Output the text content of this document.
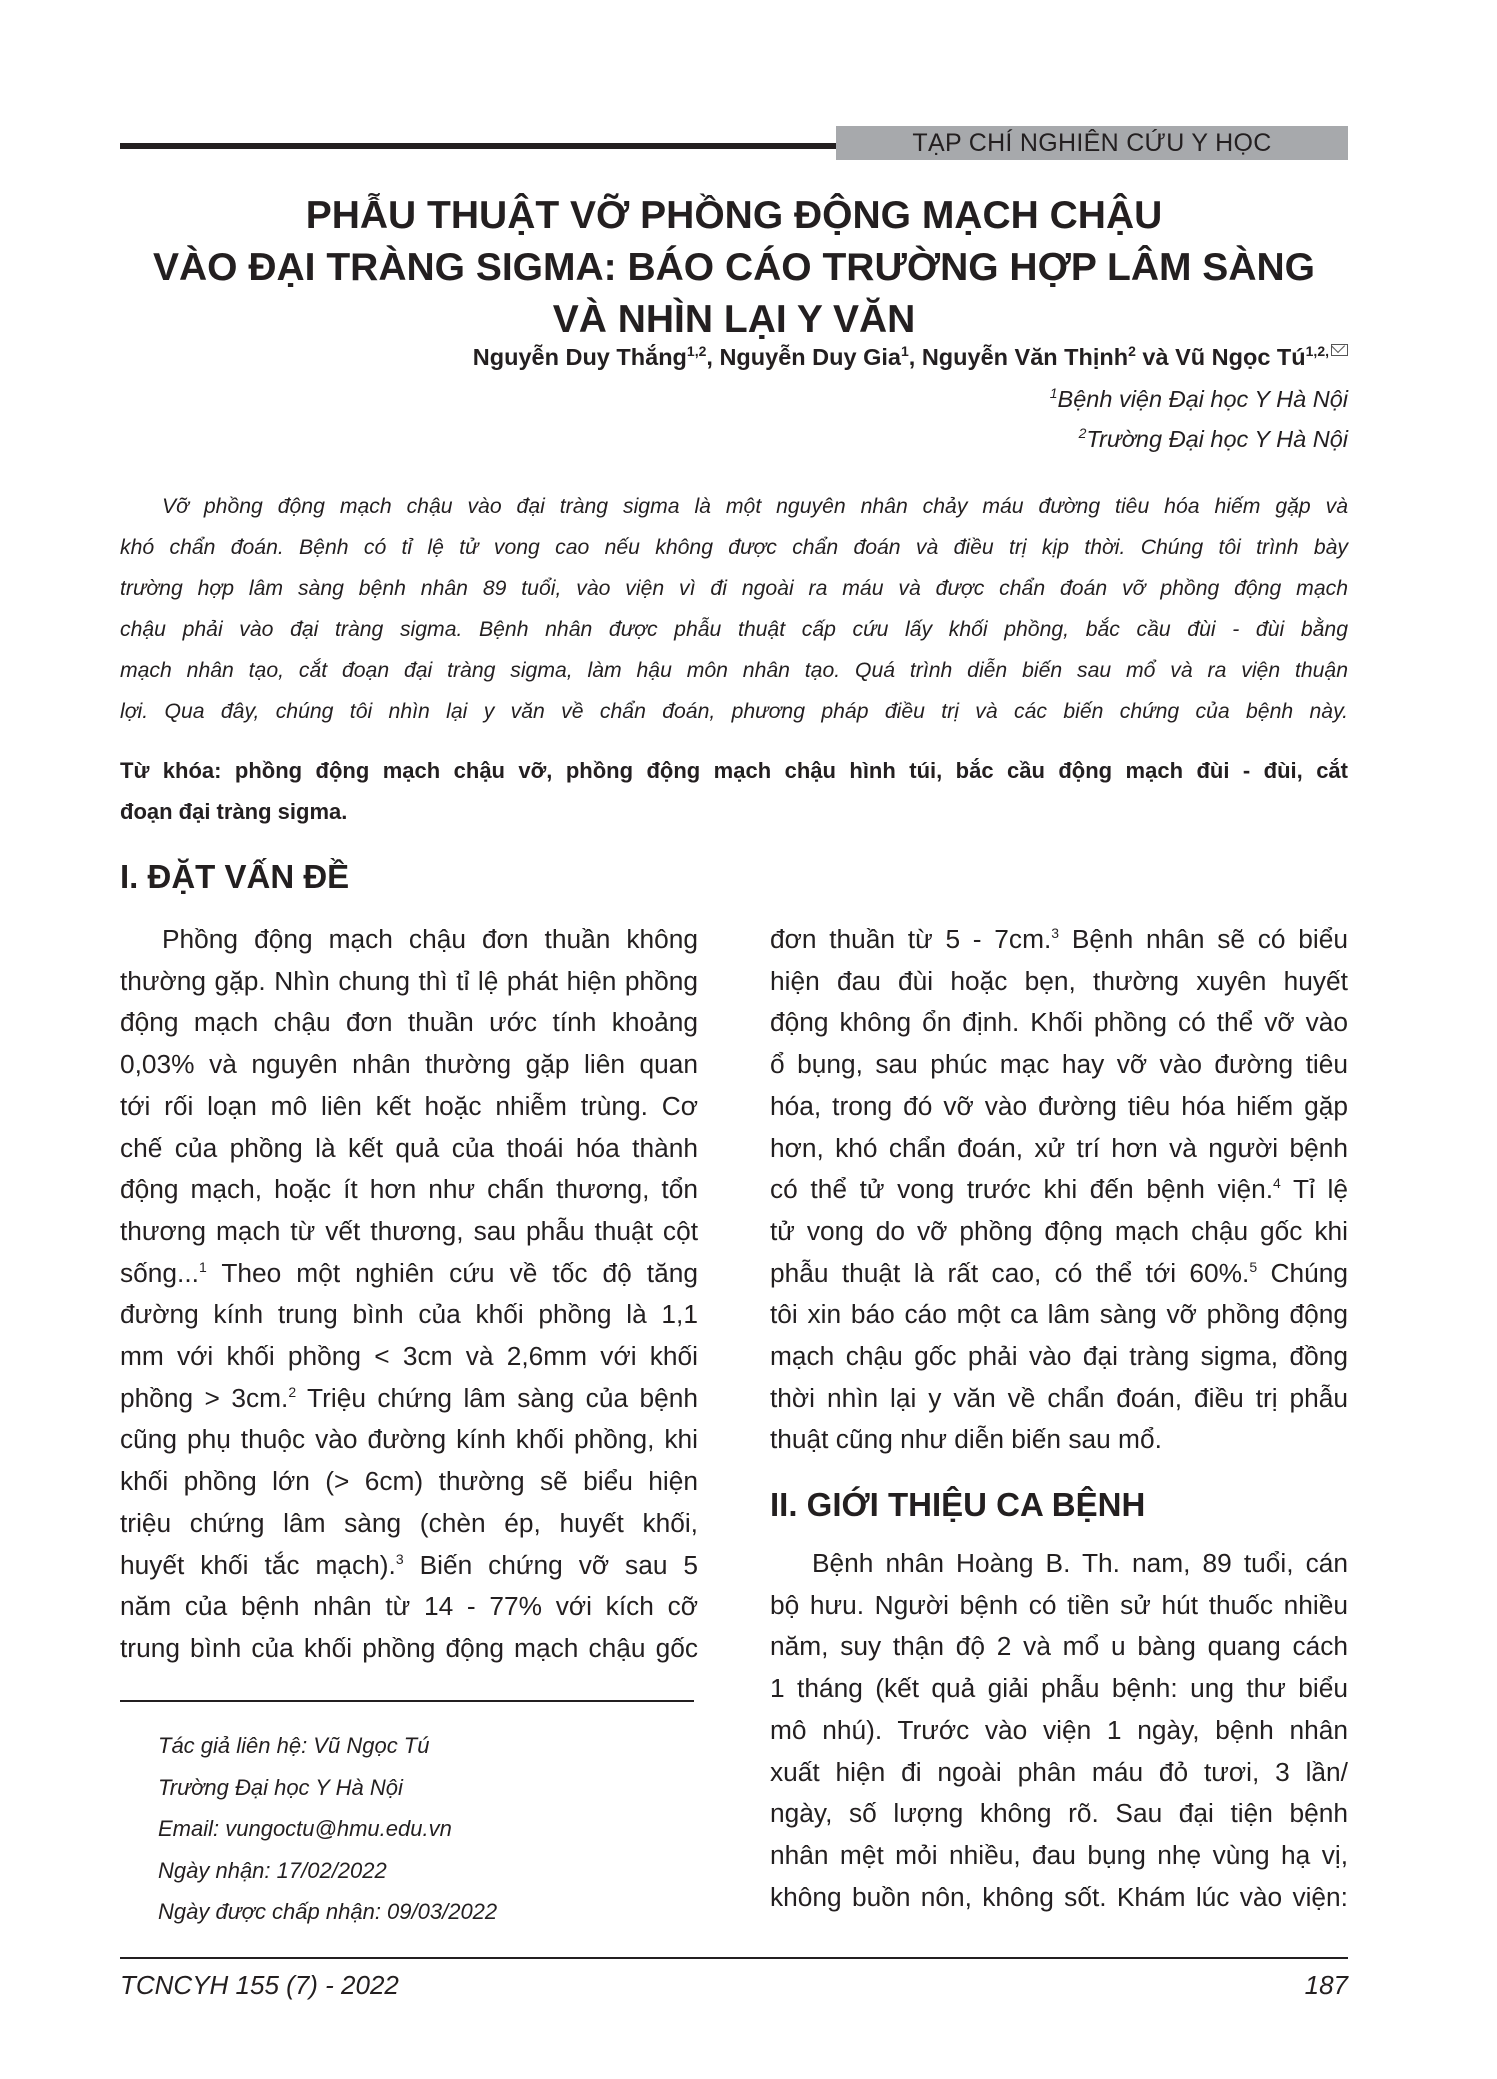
TẠP CHÍ NGHIÊN CỨU Y HỌC
PHẪU THUẬT VỠ PHỒNG ĐỘNG MẠCH CHẬU
VÀO ĐẠI TRÀNG SIGMA: BÁO CÁO TRƯỜNG HỢP LÂM SÀNG
VÀ NHÌN LẠI Y VĂN
Nguyễn Duy Thắng$^{1,2}$, Nguyễn Duy Gia$^1$, Nguyễn Văn Thịnh$^2$ và Vũ Ngọc $Tú^{1,2,}$
$^1$Bệnh viện Đại học Y Hà Nội
$^2$Trường Đại học Y Hà Nội
Vỡ phồng động mạch chậu vào đại tràng sigma là một nguyên nhân chảy máu đường tiêu hóa hiếm gặp và
khó chẩn đoán. Bệnh có tỉ lệ tử vong cao nếu không được chẩn đoán và điều trị kịp thời. Chúng tôi trình bày
trường hợp lâm sàng bệnh nhân 89 tuổi, vào viện vì đi ngoài ra máu và được chẩn đoán vỡ phồng động mạch
chậu phải vào đại tràng sigma. Bệnh nhân được phẫu thuật cấp cứu lấy khối phồng, bắc cầu đùi - đùi bằng
mạch nhân tạo, cắt đoạn đại tràng sigma, làm hậu môn nhân tạo. Quá trình diễn biến sau mổ và ra viện thuận
lợi. Qua đây, chúng tôi nhìn lại y văn về chẩn đoán, phương pháp điều trị và các biến chứng của bệnh này.
Từ khóa: phồng động mạch chậu vỡ, phồng động mạch chậu hình túi, bắc cầu động mạch đùi - đùi, cắt
đoạn đại tràng sigma.
I. ĐẶT VẤN ĐỀ
Phồng động mạch chậu đơn thuần không
thường gặp. Nhìn chung thì tỉ lệ phát hiện phồng
động mạch chậu đơn thuần ước tính khoảng
0,03% và nguyên nhân thường gặp liên quan
tới rối loạn mô liên kết hoặc nhiễm trùng. Cơ
chế của phồng là kết quả của thoái hóa thành
động mạch, hoặc ít hơn như chấn thương, tổn
thương mạch từ vết thương, sau phẫu thuật cột
sống...$^1$ Theo một nghiên cứu về tốc độ tăng
đường kính trung bình của khối phồng là 1,1
mm với khối phồng < 3cm và 2,6mm với khối
phồng > 3cm.$^2$ Triệu chứng lâm sàng của bệnh
cũng phụ thuộc vào đường kính khối phồng, khi
khối phồng lớn (> 6cm) thường sẽ biểu hiện
triệu chứng lâm sàng (chèn ép, huyết khối,
huyết khối tắc mạch).$^3$ Biến chứng vỡ sau 5
năm của bệnh nhân từ 14 - 77% với kích cỡ
trung bình của khối phồng động mạch chậu gốc
Tác giả liên hệ: Vũ Ngọc Tú
Trường Đại học Y Hà Nội
Email: vungoctu@hmu.edu.vn
Ngày nhận: 17/02/2022
Ngày được chấp nhận: 09/03/2022
đơn thuần từ 5 - 7cm.$^3$ Bệnh nhân sẽ có biểu
hiện đau đùi hoặc bẹn, thường xuyên huyết
động không ổn định. Khối phồng có thể vỡ vào
ổ bụng, sau phúc mạc hay vỡ vào đường tiêu
hóa, trong đó vỡ vào đường tiêu hóa hiếm gặp
hơn, khó chẩn đoán, xử trí hơn và người bệnh
có thể tử vong trước khi đến bệnh viện.$^4$ Tỉ lệ
tử vong do vỡ phồng động mạch chậu gốc khi
phẫu thuật là rất cao, có thể tới 60%.$^5$ Chúng
tôi xin báo cáo một ca lâm sàng vỡ phồng động
mạch chậu gốc phải vào đại tràng sigma, đồng
thời nhìn lại y văn về chẩn đoán, điều trị phẫu
thuật cũng như diễn biến sau mổ.
II. GIỚI THIỆU CA BỆNH
Bệnh nhân Hoàng B. Th. nam, 89 tuổi, cán
bộ hưu. Người bệnh có tiền sử hút thuốc nhiều
năm, suy thận độ 2 và mổ u bàng quang cách
1 tháng (kết quả giải phẫu bệnh: ung thư biểu
mô nhú). Trước vào viện 1 ngày, bệnh nhân
xuất hiện đi ngoài phân máu đỏ tươi, 3 lần/
ngày, số lượng không rõ. Sau đại tiện bệnh
nhân mệt mỏi nhiều, đau bụng nhẹ vùng hạ vị,
không buồn nôn, không sốt. Khám lúc vào viện:
TCNCYH 155 (7) - 2022	187
